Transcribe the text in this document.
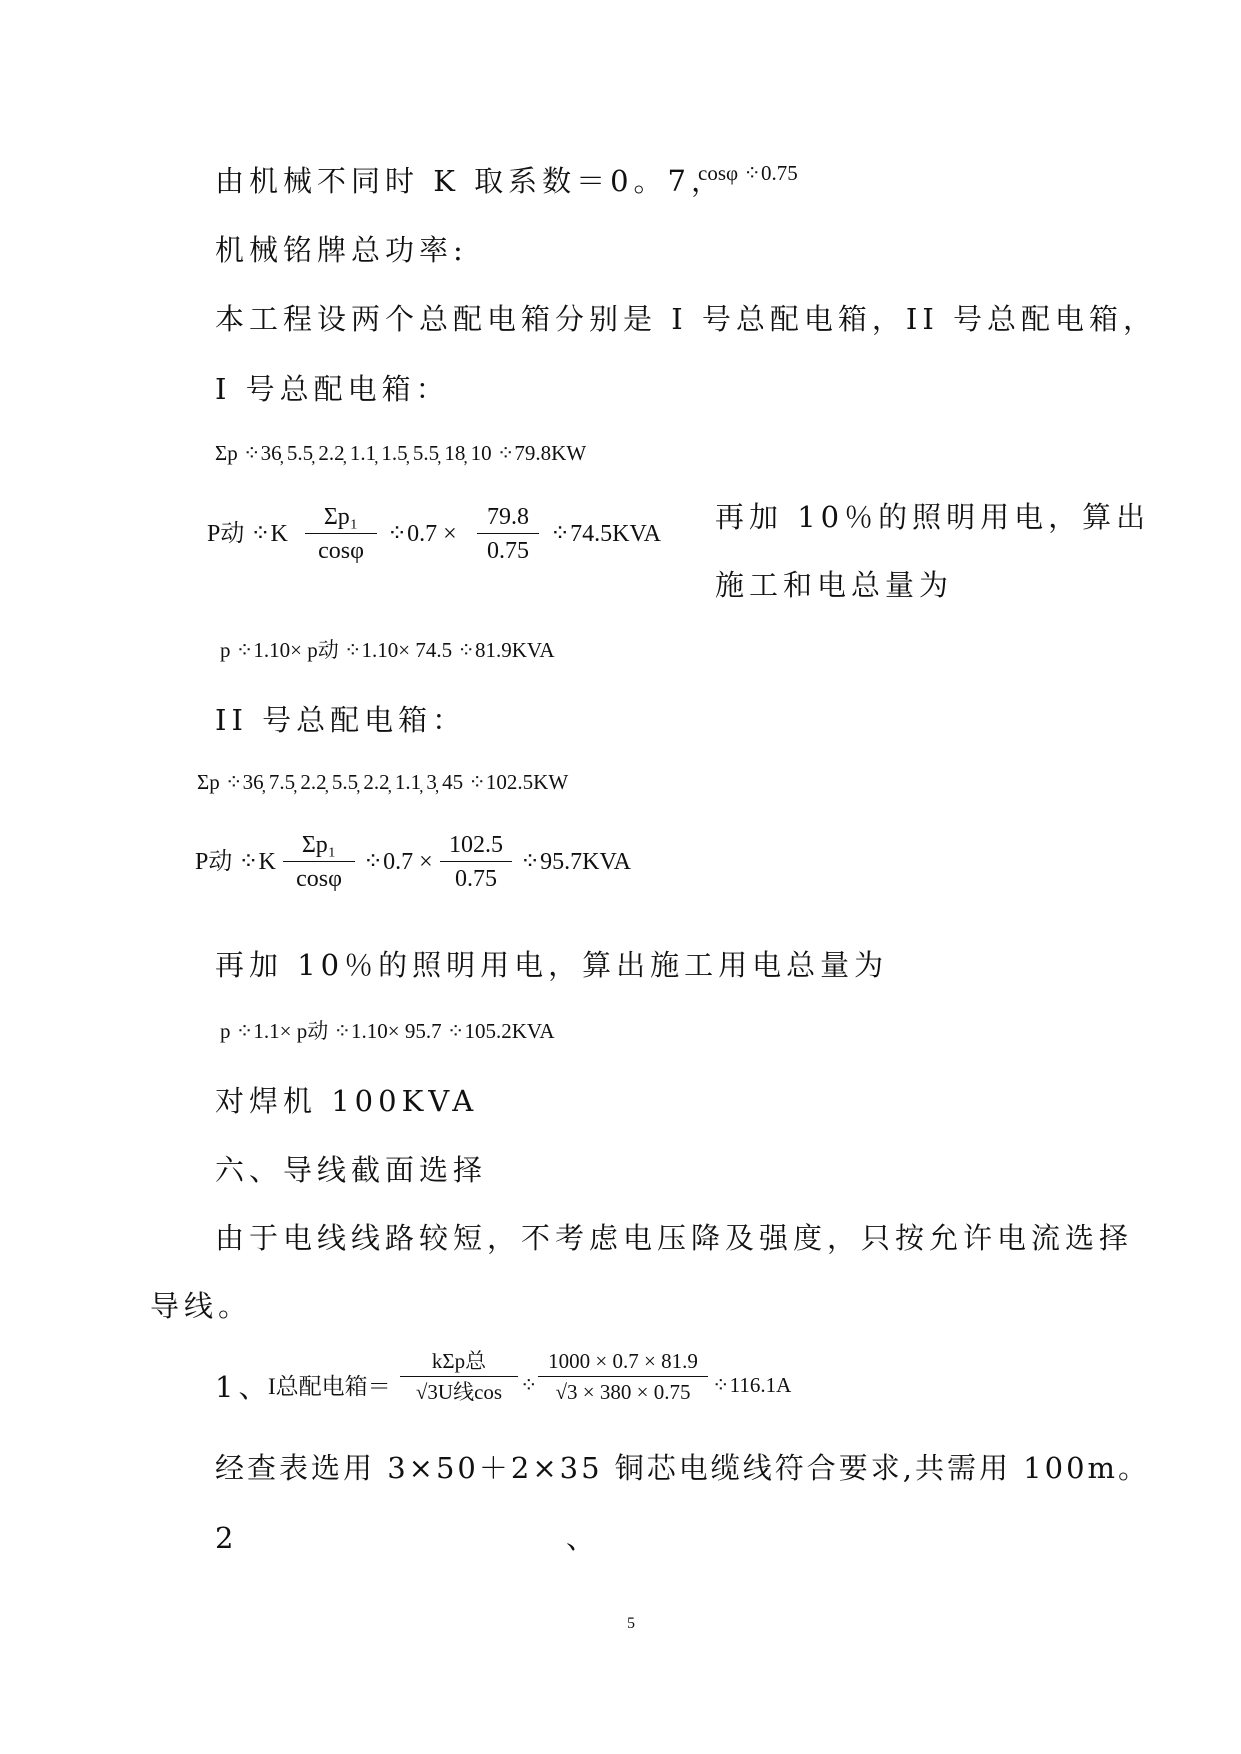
由机械不同时 K 取系数＝0。7，
cosφ ⁘0.75
机械铭牌总功率:
本工程设两个总配电箱分别是 I 号总配电箱，II 号总配电箱，
I 号总配电箱：
Σp ⁘36̦ 5.5̦ 2.2̦ 1.1̦ 1.5̦ 5.5̦ 18̦ 10 ⁘79.8KW
P动 ⁘K $\frac{\text{Σp₁}}{\cos\varphi}$ ⁘0.7 × $\frac{79.8}{0.75}$ ⁘74.5KVA 再加 10％的照明用电，算出
施工和电总量为
p ⁘1.10× p动 ⁘1.10× 74.5 ⁘81.9KVA
II 号总配电箱：
Σp ⁘36̦ 7.5̦ 2.2̦ 5.5̦ 2.2̦ 1.1̦ 3̦ 45 ⁘102.5KW
P动 ⁘K $\frac{\text{Σp₁}}{\cos\varphi}$ ⁘0.7 × $\frac{102.5}{0.75}$ ⁘95.7KVA
再加 10％的照明用电，算出施工用电总量为
p ⁘1.1× p动 ⁘1.10× 95.7 ⁘105.2KVA
对焊机 100KVA
六、导线截面选择
由于电线线路较短，不考虑电压降及强度，只按允许电流选择
导线。
1、
I总配电箱＝
kΣp总
√3U线cos ⁘ $\frac{1000 \times 0.7 \times 81.9}{√3 \times 380 \times 0.75}$ ⁘116.1A
经查表选用 3×50＋2×35 铜芯电缆线符合要求,共需用 100m。
2	、
5
